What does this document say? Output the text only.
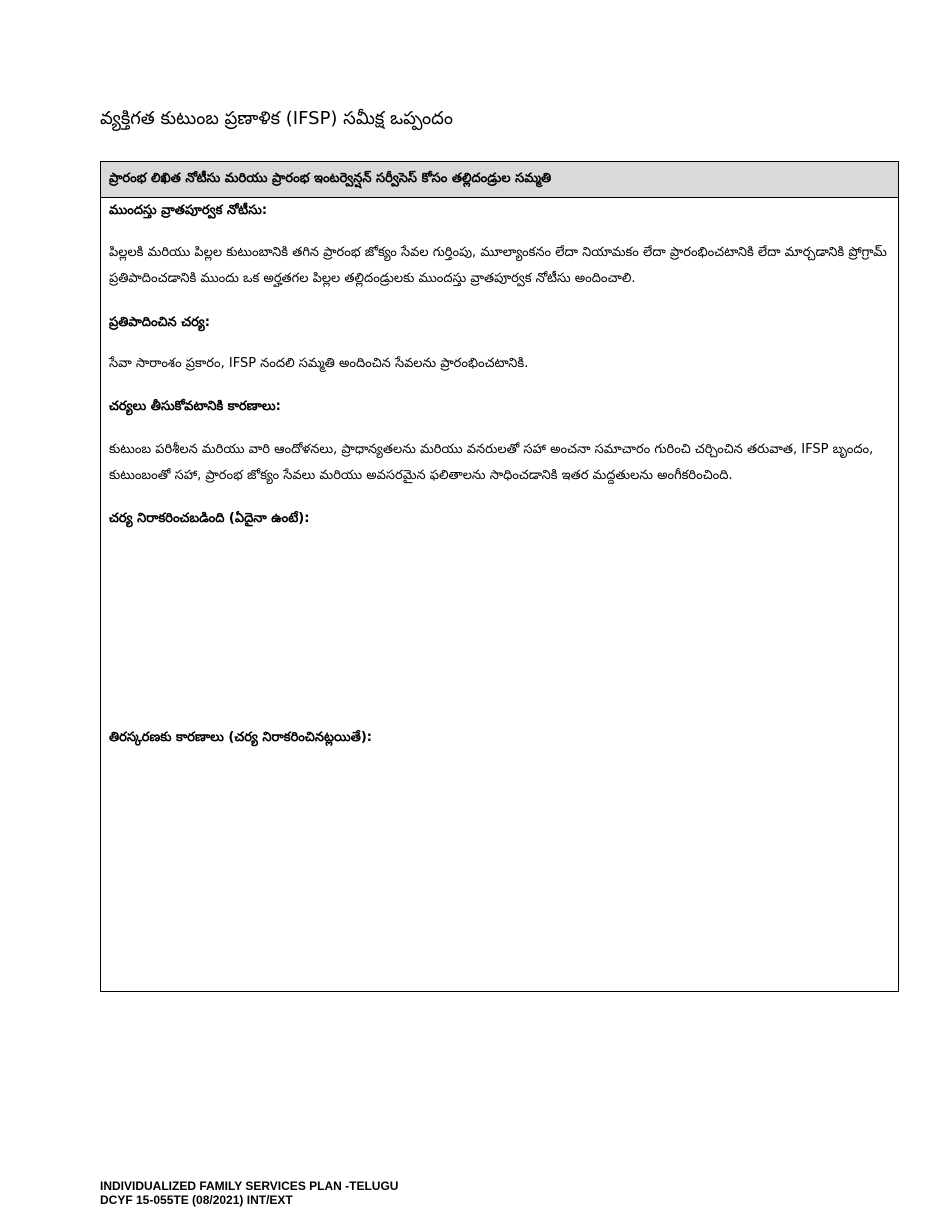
వ్యక్తిగత కుటుంబ ప్రణాళిక (IFSP) సమీక్ష ఒప్పందం
ప్రారంభ లిఖిత నోటీసు మరియు ప్రారంభ ఇంటర్వెన్షన్ సర్వీసెస్ కోసం తల్లిదండ్రుల సమ్మతి
ముందస్తు వ్రాతపూర్వక నోటీసు:
పిల్లలకి మరియు పిల్లల కుటుంబానికి తగిన ప్రారంభ జోక్యం సేవల గుర్తింపు, మూల్యాంకనం లేదా నియామకం లేదా ప్రారంభించటానికి లేదా మార్చడానికి ప్రోగ్రామ్ ప్రతిపాదించడానికి ముందు ఒక అర్హతగల పిల్లల తల్లిదండ్రులకు ముందస్తు వ్రాతపూర్వక నోటీసు అందించాలి.
ప్రతిపాదించిన చర్య:
సేవా సారాంశం ప్రకారం, IFSP నందలి సమ్మతి అందించిన సేవలను ప్రారంభించటానికి.
చర్యలు తీసుకోవటానికి కారణాలు:
కుటుంబ పరిశీలన మరియు వారి ఆందోళనలు, ప్రాధాన్యతలను మరియు వనరులతో సహా అంచనా సమాచారం గురించి చర్చించిన తరువాత, IFSP బృందం, కుటుంబంతో సహా, ప్రారంభ జోక్యం సేవలు మరియు అవసరమైన ఫలితాలను సాధించడానికి ఇతర మద్దతులను అంగీకరించింది.
చర్య నిరాకరించబడింది (ఏదైనా ఉంటే):
తిరస్కరణకు కారణాలు (చర్య నిరాకరించినట్లయితే):
INDIVIDUALIZED FAMILY SERVICES PLAN -TELUGU
DCYF 15-055TE (08/2021) INT/EXT
